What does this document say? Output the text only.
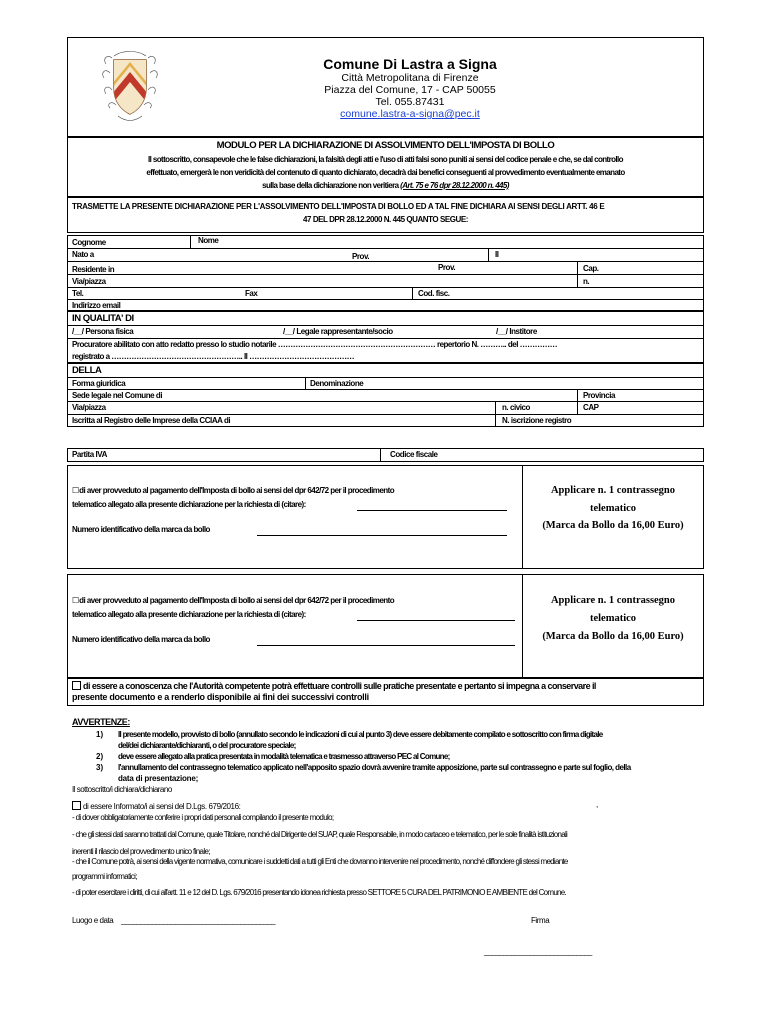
Comune Di Lastra a Signa
Città Metropolitana di Firenze
Piazza del Comune, 17 - CAP 50055
Tel. 055.87431
comune.lastra-a-signa@pec.it
MODULO PER LA DICHIARAZIONE DI ASSOLVIMENTO DELL'IMPOSTA DI BOLLO
Il sottoscritto, consapevole che le false dichiarazioni, la falsità degli atti e l'uso di atti falsi sono puniti ai sensi del codice penale e che, se dal controllo
effettuato, emergerà le non veridicità del contenuto di quanto dichiarato, decadrà dai benefici conseguenti al provvedimento eventualmente emanato
sulla base della dichiarazione non veritiera (Art. 75 e 76 dpr 28.12.2000 n. 445)
TRASMETTE LA PRESENTE DICHIARAZIONE PER L'ASSOLVIMENTO DELL'IMPOSTA DI BOLLO ED A TAL FINE DICHIARA AI SENSI DEGLI ARTT. 46 E
47 DEL DPR 28.12.2000 N. 445 QUANTO SEGUE:
Cognome	Nome
Nato a	Prov.	Il
Residente in	Prov.	Cap.
Via/piazza	n.
Tel.	Fax	Cod. fisc.
Indirizzo email
IN QUALITA' DI
/__/ Persona fisica	/__/ Legale rappresentante/socio	/__/ Institore
Procuratore abilitato con atto redatto presso lo studio notarile ……………………………………………………… repertorio N. ……….. del ……………
registrato a …………………………………………….. Il ……………………………………
DELLA
Forma giuridica	Denominazione
Sede legale nel Comune di	Provincia
Via/piazza	n. civico	CAP
Iscritta al Registro delle Imprese della CCIAA di	N. iscrizione registro
Partita IVA	Codice fiscale
☐di aver provveduto al pagamento dell'Imposta di bollo ai sensi del dpr 642/72 per il procedimento
telematico allegato alla presente dichiarazione per la richiesta di (citare):
Numero identificativo della marca da bollo
Applicare n. 1 contrassegno
telematico
(Marca da Bollo da 16,00 Euro)
☐di aver provveduto al pagamento dell'Imposta di bollo ai sensi del dpr 642/72 per il procedimento
telematico allegato alla presente dichiarazione per la richiesta di (citare):
Numero identificativo della marca da bollo
Applicare n. 1 contrassegno
telematico
(Marca da Bollo da 16,00 Euro)
di essere a conoscenza che l'Autorità competente potrà effettuare controlli sulle pratiche presentate e pertanto si impegna a conservare il
presente documento e a renderlo disponibile ai fini dei successivi controlli
AVVERTENZE:
1) Il presente modello, provvisto di bollo (annullato secondo le indicazioni di cui al punto 3) deve essere debitamente compilato e sottoscritto con firma digitale
del/dei dichiarante/dichiaranti, o del procuratore speciale;
2) deve essere allegato alla pratica presentata in modalità telematica e trasmesso attraverso PEC al Comune;
3) l'annullamento del contrassegno telematico applicato nell'apposito spazio dovrà avvenire tramite apposizione, parte sul contrassegno e parte sul foglio, della
data di presentazione;
Il sottoscritto/i dichiara/dichiarano
di essere Informato/i ai sensi del D.Lgs. 679/2016:	,
- di dover obbligatoriamente conferire i propri dati personali compilando il presente modulo;
- che gli stessi dati saranno trattati dal Comune, quale Titolare, nonché dal Dirigente del SUAP, quale Responsabile, in modo cartaceo e telematico, per le sole finalità istituzionali
inerenti il rilascio del provvedimento unico finale;
- che il Comune potrà, ai sensi della vigente normativa, comunicare i suddetti dati a tutti gli Enti che dovranno intervenire nel procedimento, nonché diffondere gli stessi mediante
programmi informatici;
- di poter esercitare i diritti, di cui all'artt. 11 e 12 del D. Lgs. 679/2016 presentando idonea richiesta presso SETTORE 5 CURA DEL PATRIMONIO E AMBIENTE del Comune.
Luogo e data ________________________________________	Firma
____________________________
